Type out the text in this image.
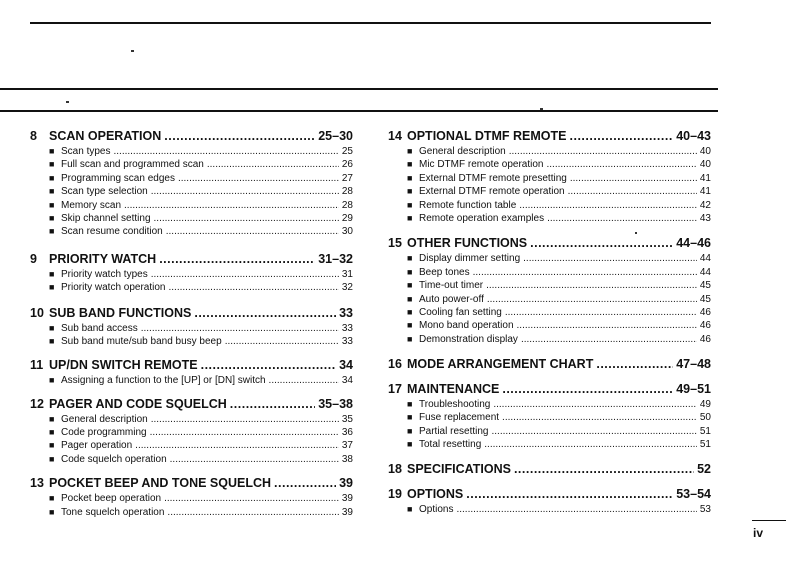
8 SCAN OPERATION .....	25–30
■ Scan types .....	25
■ Full scan and programmed scan .....	26
■ Programming scan edges .....	27
■ Scan type selection .....	28
■ Memory scan .....	28
■ Skip channel setting .....	29
■ Scan resume condition .....	30
9 PRIORITY WATCH .....	31–32
■ Priority watch types .....	31
■ Priority watch operation .....	32
10 SUB BAND FUNCTIONS .....	33
■ Sub band access .....	33
■ Sub band mute/sub band busy beep .....	33
11 UP/DN SWITCH REMOTE .....	34
■ Assigning a function to the [UP] or [DN] switch .....	34
12 PAGER AND CODE SQUELCH .....	35–38
■ General description .....	35
■ Code programming .....	36
■ Pager operation .....	37
■ Code squelch operation .....	38
13 POCKET BEEP AND TONE SQUELCH .....	39
■ Pocket beep operation .....	39
■ Tone squelch operation .....	39
14 OPTIONAL DTMF REMOTE .....	40–43
■ General description .....	40
■ Mic DTMF remote operation .....	40
■ External DTMF remote presetting .....	41
■ External DTMF remote operation .....	41
■ Remote function table .....	42
■ Remote operation examples .....	43
15 OTHER FUNCTIONS .....	44–46
■ Display dimmer setting .....	44
■ Beep tones .....	44
■ Time-out timer .....	45
■ Auto power-off .....	45
■ Cooling fan setting .....	46
■ Mono band operation .....	46
■ Demonstration display .....	46
16 MODE ARRANGEMENT CHART .....	47–48
17 MAINTENANCE .....	49–51
■ Troubleshooting .....	49
■ Fuse replacement .....	50
■ Partial resetting .....	51
■ Total resetting .....	51
18 SPECIFICATIONS .....	52
19 OPTIONS .....	53–54
■ Options .....	53
iv
